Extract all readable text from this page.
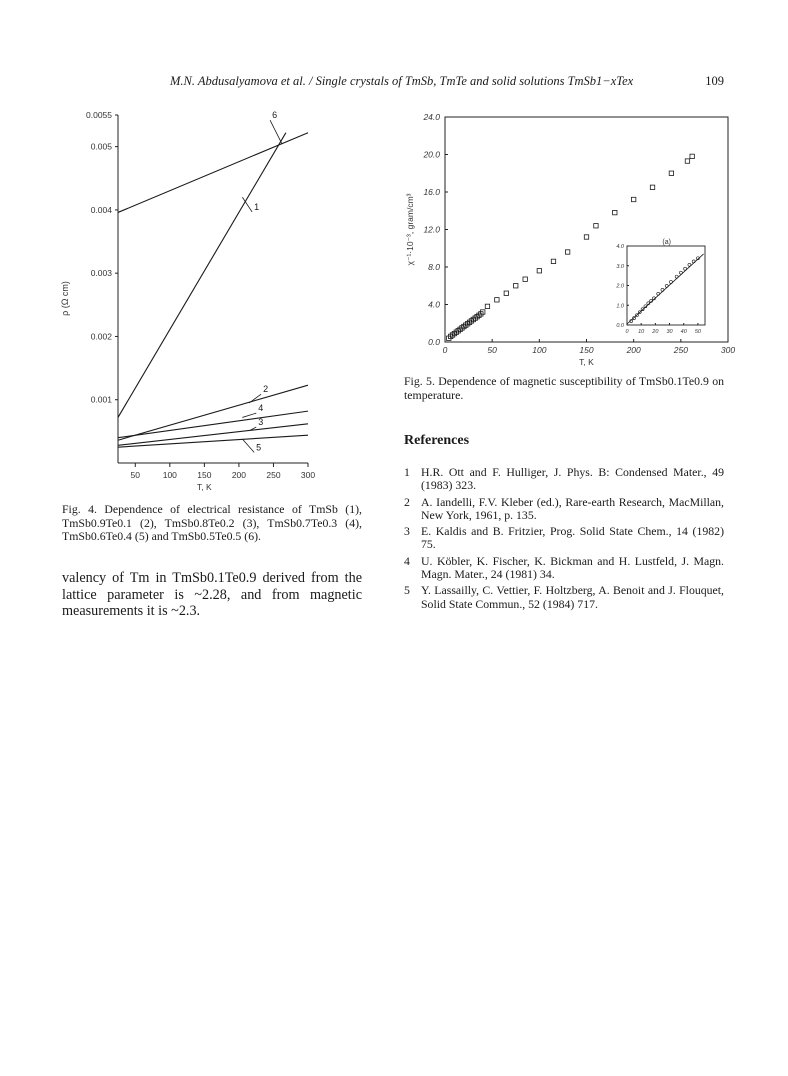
M.N. Abdusalyamova et al. / Single crystals of TmSb, TmTe and solid solutions TmSb1−xTex	109
50	100 150 200 250 300
0.001
0.002
0.003
0.004
0.005
0.0055
T, K
ρ (Ω cm)
1
2
3
4
5
6
Fig. 4. Dependence of electrical resistance of TmSb (1), TmSb0.9Te0.1 (2), TmSb0.8Te0.2 (3), TmSb0.7Te0.3 (4), TmSb0.6Te0.4 (5) and TmSb0.5Te0.5 (6).
valency of Tm in TmSb0.1Te0.9 derived from the lattice parameter is ~2.28, and from magnetic measurements it is ~2.3.
0	50	100	150	200	250	300
0.0
4.0
8.0
12.0
16.0
20.0
24.0
T, K
χ⁻¹·10⁻³, gram/cm³
0 10 20 30 40 50
0.0
1.0
2.0
3.0
4.0
(a)
Fig. 5. Dependence of magnetic susceptibility of TmSb0.1Te0.9 on temperature.
References
1 H.R. Ott and F. Hulliger, J. Phys. B: Condensed Mater., 49 (1983) 323.
2 A. Iandelli, F.V. Kleber (ed.), Rare-earth Research, MacMillan, New York, 1961, p. 135.
3 E. Kaldis and B. Fritzier, Prog. Solid State Chem., 14 (1982) 75.
4 U. Köbler, K. Fischer, K. Bickman and H. Lustfeld, J. Magn. Magn. Mater., 24 (1981) 34.
5 Y. Lassailly, C. Vettier, F. Holtzberg, A. Benoit and J. Flouquet, Solid State Commun., 52 (1984) 717.
